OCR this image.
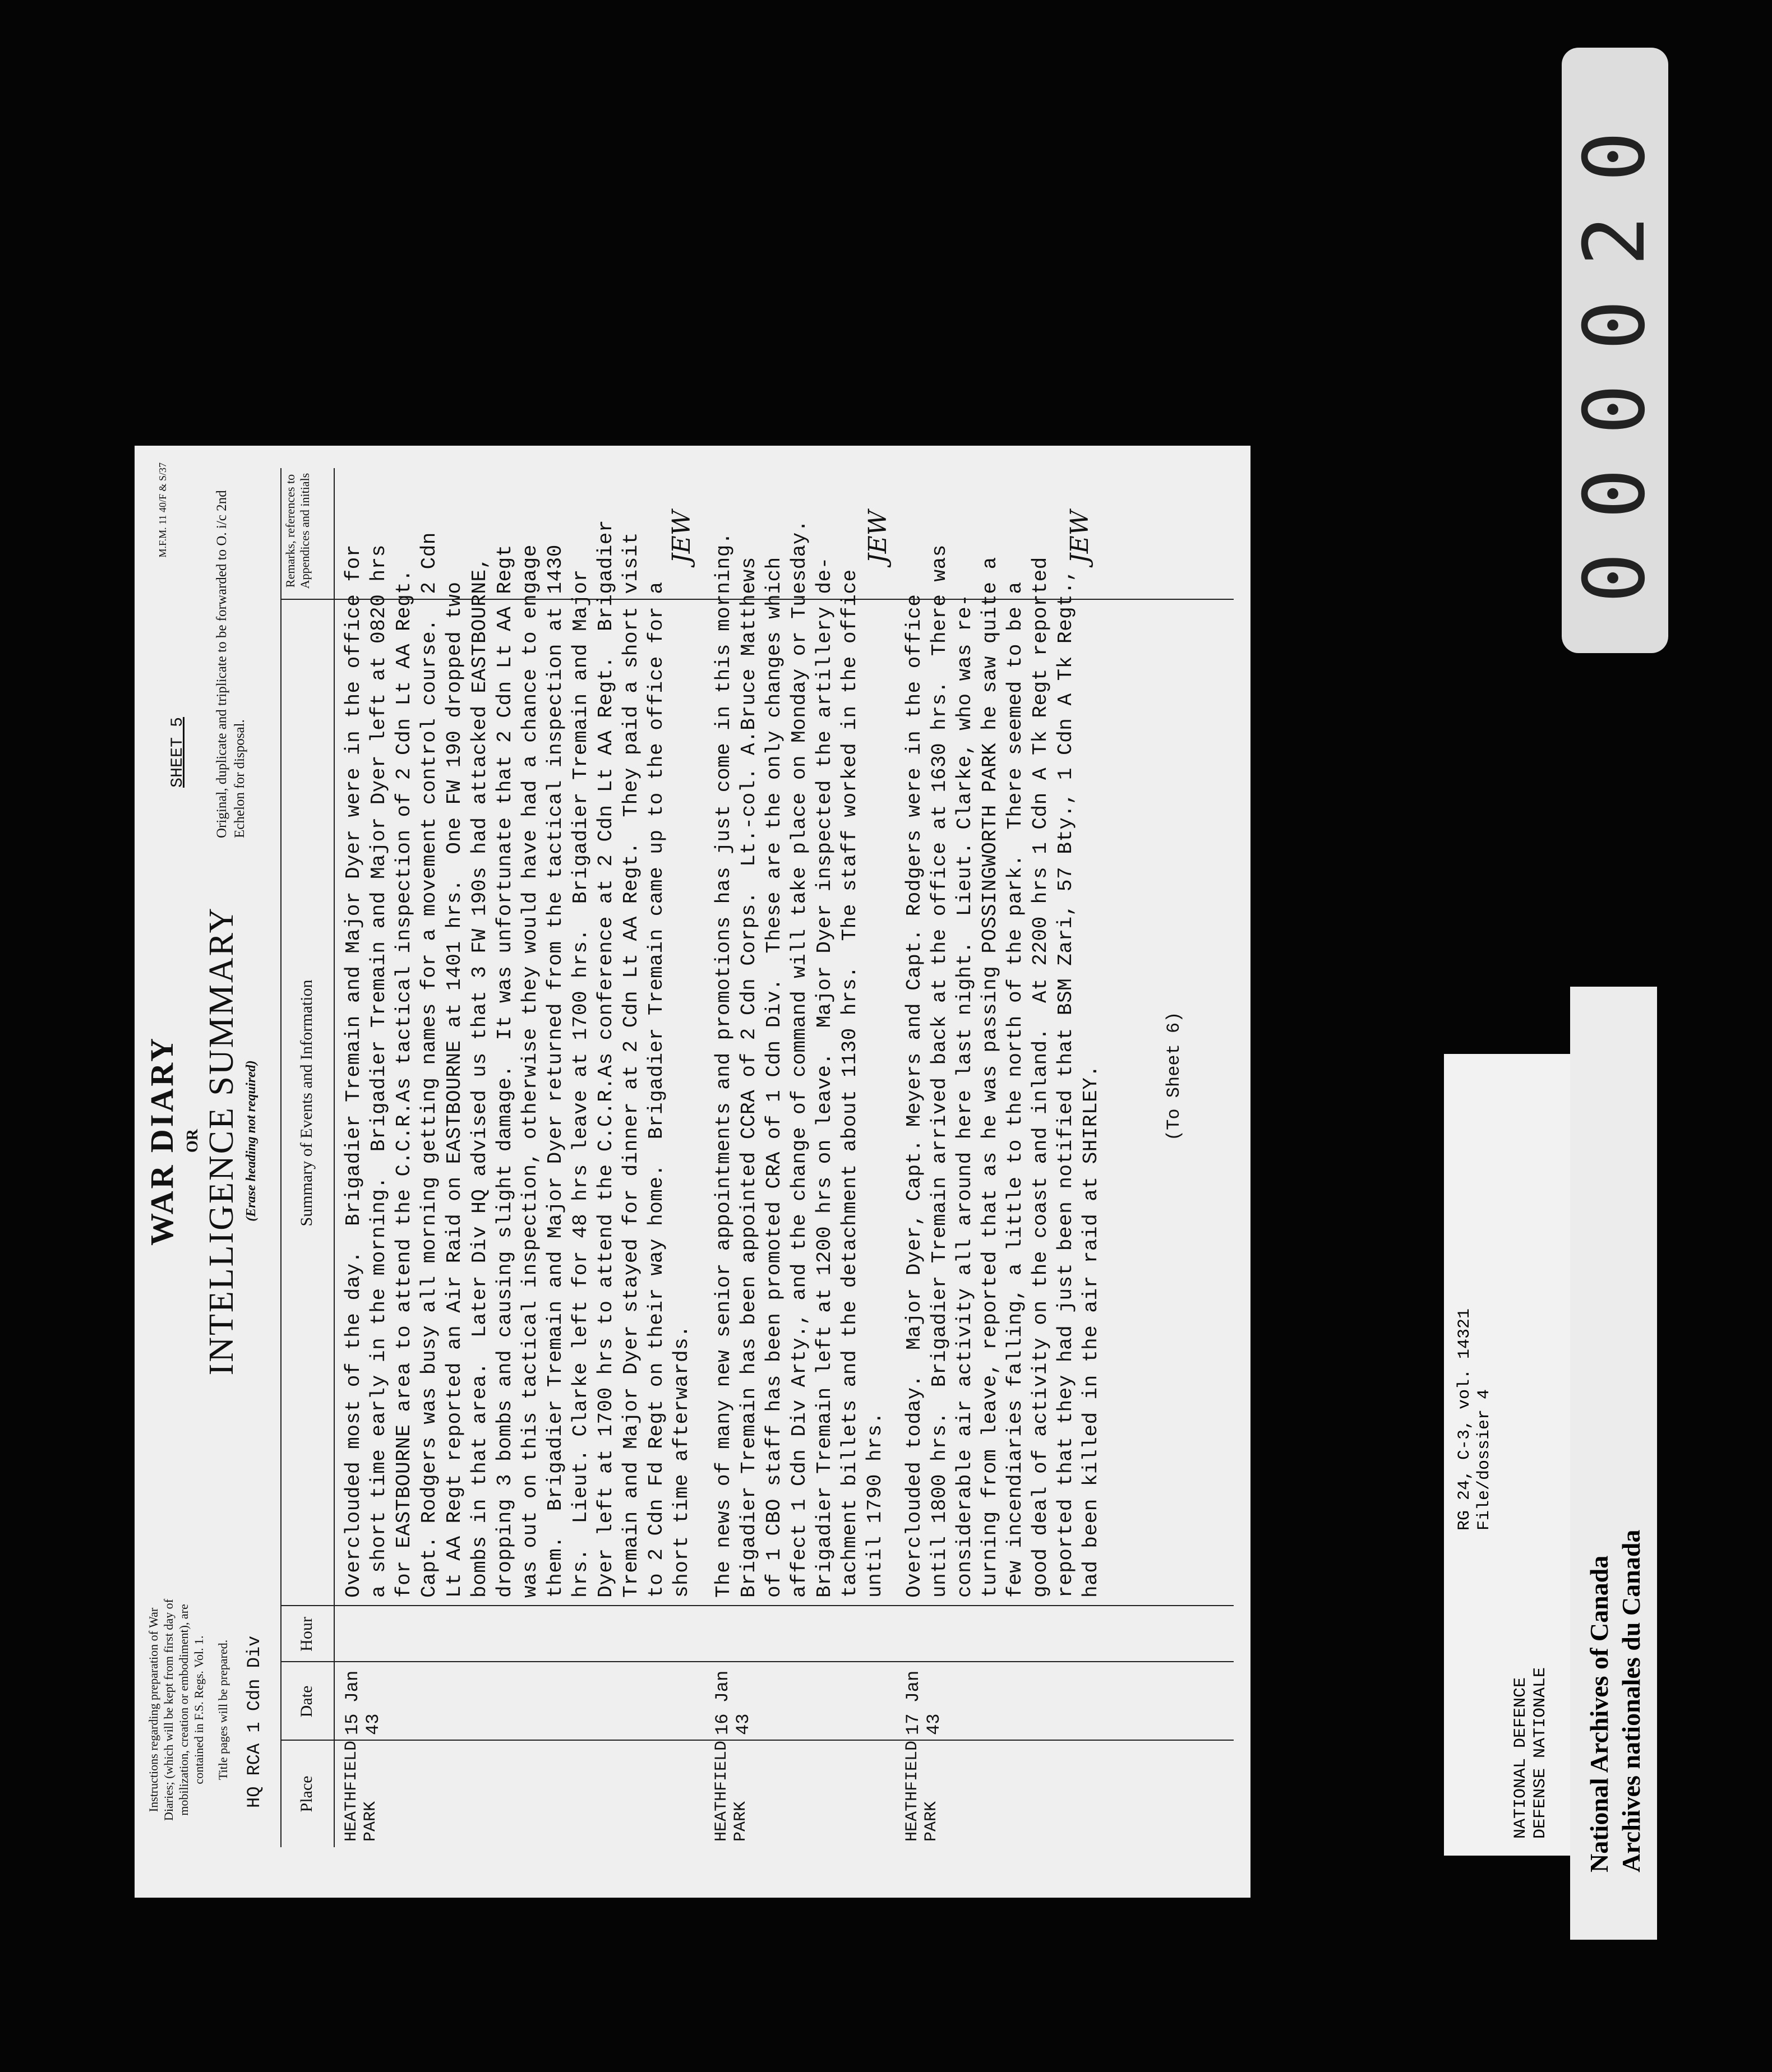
Instructions regarding preparation of War Diaries; (which will be kept from first day of mobilization, creation or embodiment), are contained in F.S. Regs. Vol. 1. Title pages will be prepared. HQ RCA 1 Cdn Div
WAR DIARY OR INTELLIGENCE SUMMARY (Erase heading not required)
SHEET 5
M.F.M. 11 40/F & S/37	Original, duplicate and triplicate to be forwarded to O. i/c 2nd Echelon for disposal.
Place
Date
Hour
Summary of Events and Information
Remarks, references to Appendices and initials
HEATHFIELD PARK
15 Jan 43
Overclouded most of the day.  Brigadier Tremain and Major Dyer were in the office for
a short time early in the morning.  Brigadier Tremain and Major Dyer left at 0820 hrs
for EASTBOURNE area to attend the C.C.R.As tactical inspection of 2 Cdn Lt AA Regt.
Capt. Rodgers was busy all morning getting names for a movement control course.  2 Cdn
Lt AA Regt reported an Air Raid on EASTBOURNE at 1401 hrs.  One FW 190 dropped two
bombs in that area.  Later Div HQ advised us that 3 FW 190s had attacked EASTBOURNE,
dropping 3 bombs and causing slight damage.  It was unfortunate that 2 Cdn Lt AA Regt
was out on this tactical inspection, otherwise they would have had a chance to engage
them.  Brigadier Tremain and Major Dyer returned from the tactical inspection at 1430
hrs.  Lieut. Clarke left for 48 hrs leave at 1700 hrs.  Brigadier Tremain and Major
Dyer left at 1700 hrs to attend the C.C.R.As conference at 2 Cdn Lt AA Regt.  Brigadier
Tremain and Major Dyer stayed for dinner at 2 Cdn Lt AA Regt.  They paid a short visit
to 2 Cdn Fd Regt on their way home.  Brigadier Tremain came up to the office for a
short time afterwards.
JEW
HEATHFIELD PARK
16 Jan 43
The news of many new senior appointments and promotions has just come in this morning.
Brigadier Tremain has been appointed CCRA of 2 Cdn Corps.  Lt.-col. A.Bruce Matthews
of 1 CBO staff has been promoted CRA of 1 Cdn Div.  These are the only changes which
affect 1 Cdn Div Arty., and the change of command will take place on Monday or Tuesday.
Brigadier Tremain left at 1200 hrs on leave.  Major Dyer inspected the artillery de-
tachment billets and the detachment about 1130 hrs.  The staff worked in the office
until 1790 hrs.
JEW
HEATHFIELD PARK
17 Jan 43
Overclouded today.  Major Dyer, Capt. Meyers and Capt. Rodgers were in the office
until 1800 hrs.  Brigadier Tremain arrived back at the office at 1630 hrs.  There was
considerable air activity all around here last night.  Lieut. Clarke, who was re-
turning from leave, reported that as he was passing POSSINGWORTH PARK he saw quite a
few incendiaries falling, a little to the north of the park.  There seemed to be a
good deal of activity on the coast and inland.  At 2200 hrs 1 Cdn A Tk Regt reported
reported that they had just been notified that BSM Zari, 57 Bty., 1 Cdn A Tk Regt.,
had been killed in the air raid at SHIRLEY.
JEW
(To Sheet 6)
000020
NATIONAL DEFENCE DEFENSE NATIONALE
RG 24, C-3, vol. 14321 File/dossier 4
National Archives of Canada Archives nationales du Canada
